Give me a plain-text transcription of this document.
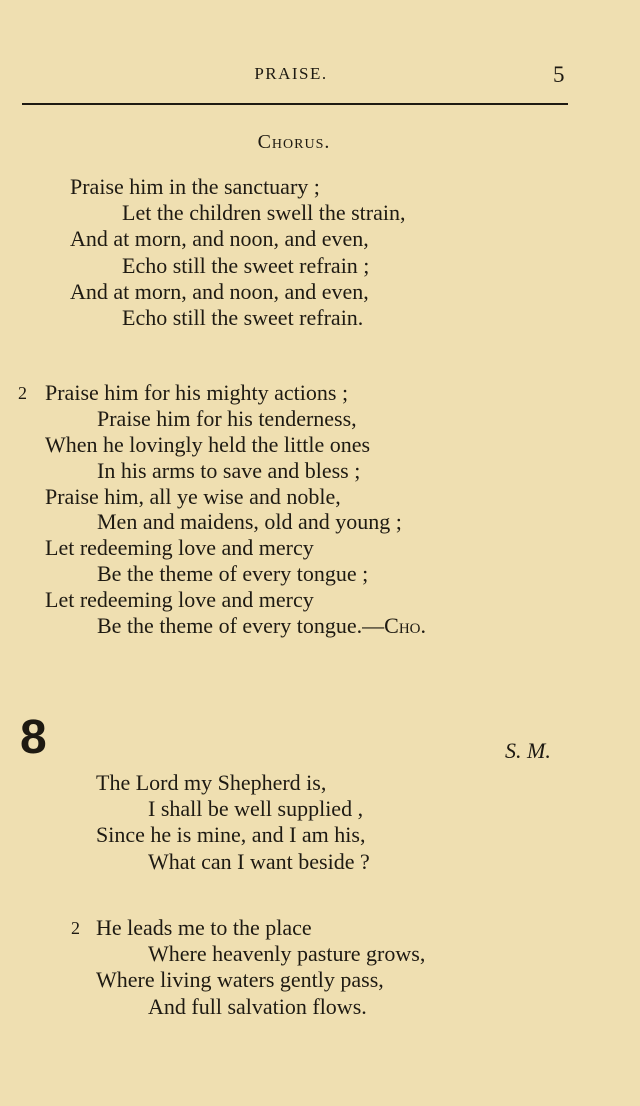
PRAISE.	5
Chorus.
Praise him in the sanctuary ;
Let the children swell the strain,
And at morn, and noon, and even,
Echo still the sweet refrain ;
And at morn, and noon, and even,
Echo still the sweet refrain.
2 Praise him for his mighty actions ;
Praise him for his tenderness,
When he lovingly held the little ones
In his arms to save and bless ;
Praise him, all ye wise and noble,
Men and maidens, old and young ;
Let redeeming love and mercy
Be the theme of every tongue ;
Let redeeming love and mercy
Be the theme of every tongue.—Cho.
8	S. M.
The Lord my Shepherd is,
I shall be well supplied ,
Since he is mine, and I am his,
What can I want beside ?
2 He leads me to the place
Where heavenly pasture grows,
Where living waters gently pass,
And full salvation flows.
